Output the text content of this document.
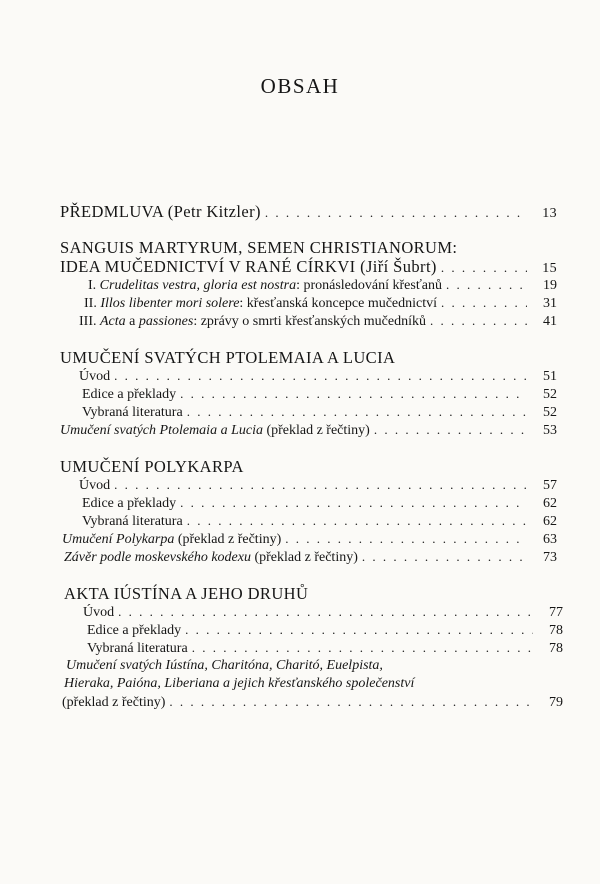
OBSAH
PŘEDMLUVA (Petr Kitzler) . . .	13
SANGUIS MARTYRUM, SEMEN CHRISTIANORUM:
IDEA MUČEDNICTVÍ V RANÉ CÍRKVI (Jiří Šubrt) . . .	15
I. Crudelitas vestra, gloria est nostra: pronásledování křesťanů . . .	19
II. Illos libenter mori solere: křesťanská koncepce mučednictví . . .	31
III. Acta a passiones: zprávy o smrti křesťanských mučedníků . . .	41
UMUČENÍ SVATÝCH PTOLEMAIA A LUCIA
Úvod . . .	51
Edice a překlady . . .	52
Vybraná literatura . . .	52
Umučení svatých Ptolemaia a Lucia (překlad z řečtiny) . . .	53
UMUČENÍ POLYKARPA
Úvod . . .	57
Edice a překlady . . .	62
Vybraná literatura . . .	62
Umučení Polykarpa (překlad z řečtiny) . . .	63
Závěr podle moskevského kodexu (překlad z řečtiny) . . .	73
AKTA IÚSTÍNA A JEHO DRUHŮ
Úvod . . .	77
Edice a překlady . . .	78
Vybraná literatura . . .	78
Umučení svatých Iústína, Charitóna, Charitó, Euelpista,
Hieraka, Paióna, Liberiana a jejich křesťanského společenství
(překlad z řečtiny) . . .	79
